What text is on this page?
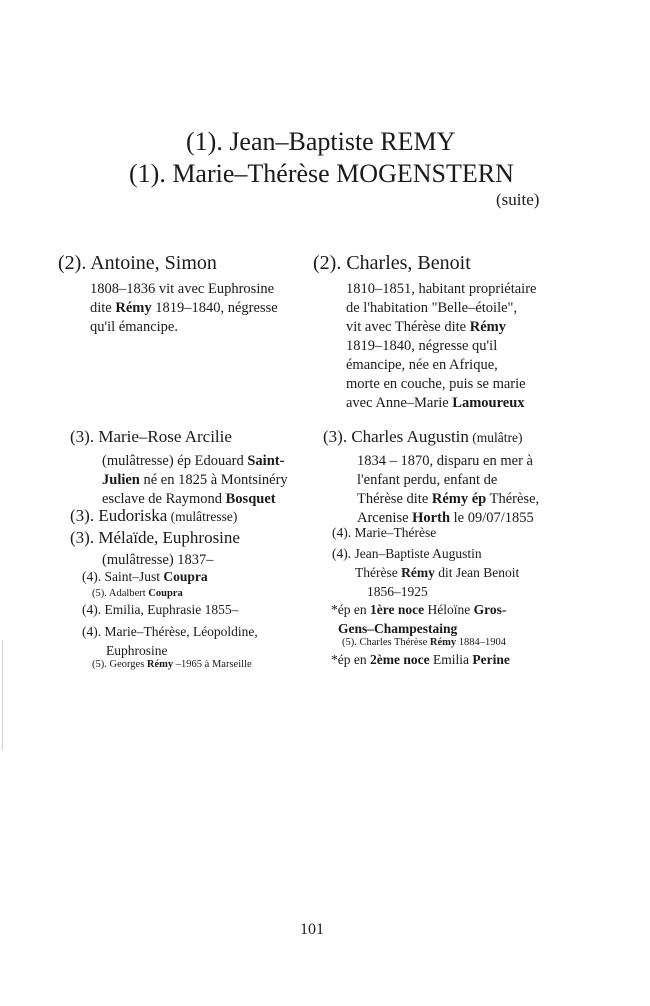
(1). Jean–Baptiste REMY
(1). Marie–Thérèse MOGENSTERN
(suite)
(2). Antoine, Simon
1808–1836 vit avec Euphrosine
dite Rémy 1819–1840, négresse
qu'il émancipe.
(2). Charles, Benoit
1810–1851, habitant propriétaire
de l'habitation "Belle–étoile",
vit avec Thérèse dite Rémy
1819–1840, négresse qu'il
émancipe, née en Afrique,
morte en couche, puis se marie
avec Anne–Marie Lamoureux
(3). Marie–Rose Arcilie
(mulâtresse) ép Edouard Saint-
Julien né en 1825 à Montsinéry
esclave de Raymond Bosquet
(3). Eudoriska (mulâtresse)
(3). Mélaïde, Euphrosine
(mulâtresse) 1837–
(4). Saint–Just Coupra
(5). Adalbert Coupra
(4). Emilia, Euphrasie 1855–
(4). Marie–Thérèse, Léopoldine,
Euphrosine
(5). Georges Rémy –1965 à Marseille
(3). Charles Augustin (mulâtre)
1834 – 1870, disparu en mer à
l'enfant perdu, enfant de
Thérèse dite Rémy ép Thérèse,
Arcenise Horth le 09/07/1855
(4). Marie–Thérèse
(4). Jean–Baptiste Augustin
Thérèse Rémy dit Jean Benoit
1856–1925
*ép en 1ère noce Héloïne Gros-
Gens–Champestaing
(5). Charles Thérèse Rémy 1884–1904
*ép en 2ème noce Emilia Perine
101
